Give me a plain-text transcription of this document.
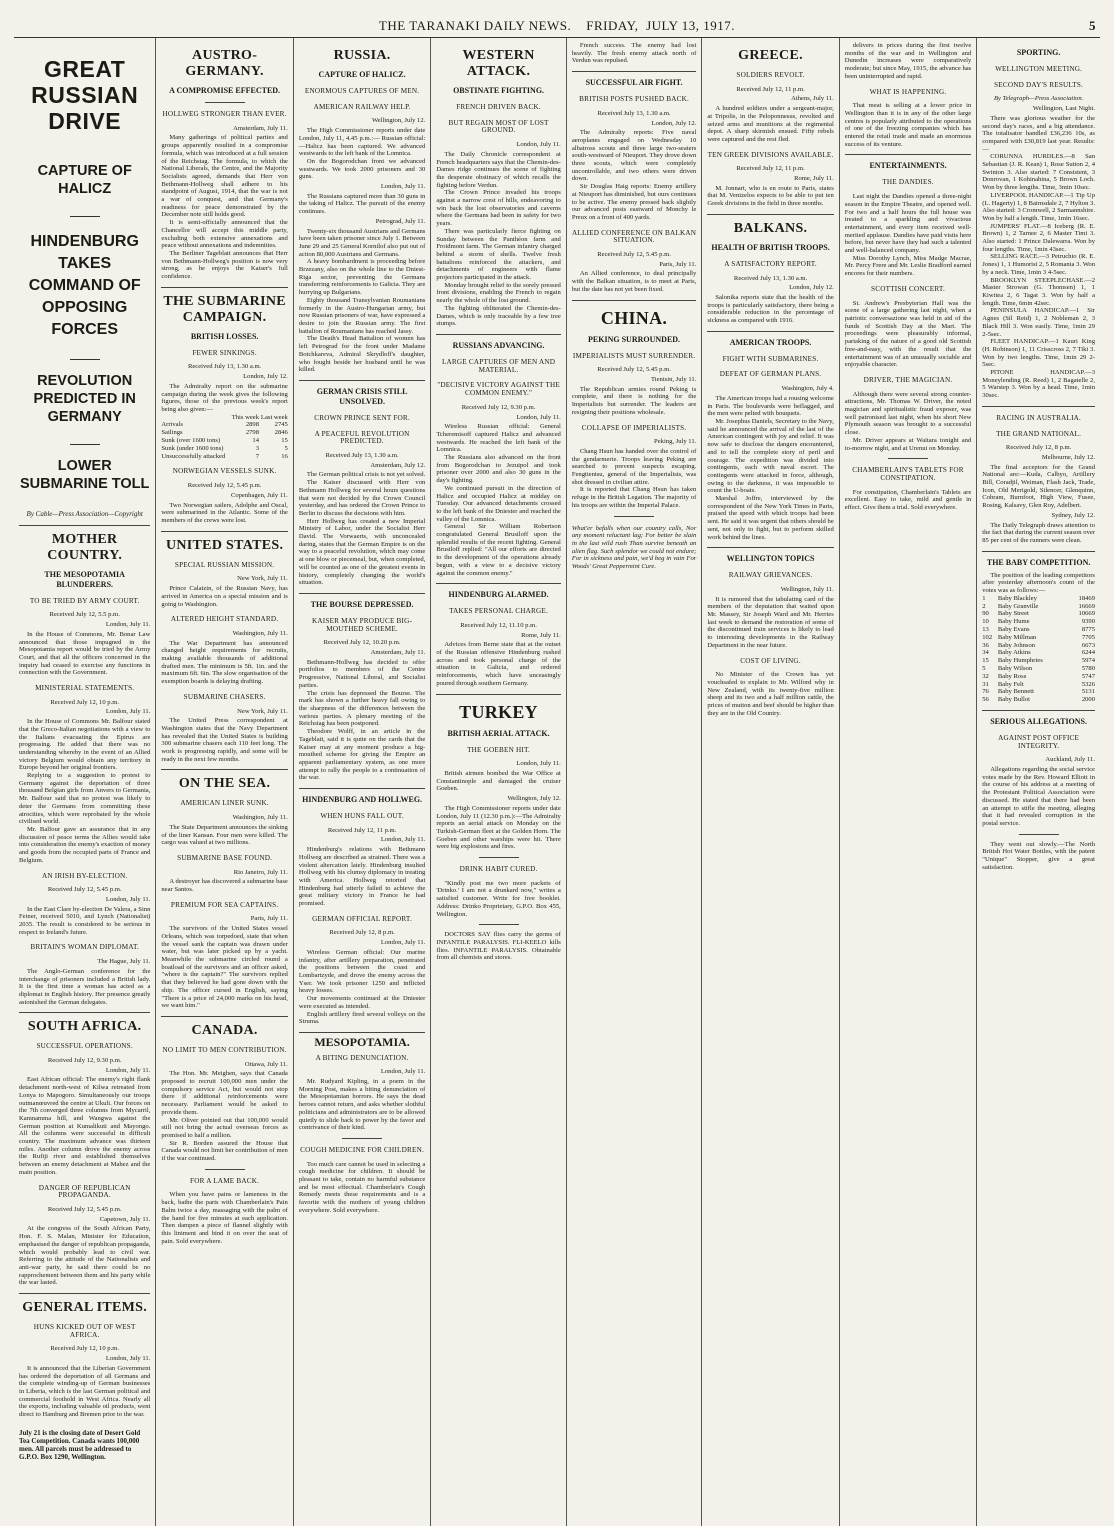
THE TARANAKI DAILY NEWS.
FRIDAY,
JULY 13, 1917.	5
GREAT RUSSIAN DRIVE
CAPTURE OF HALICZ
HINDENBURG TAKES COMMAND OF OPPOSING FORCES
REVOLUTION PREDICTED IN GERMANY
LOWER SUBMARINE TOLL
By Cable—Press Association—Copyright
MOTHER COUNTRY.
THE MESOPOTAMIA BLUNDERERS.
TO BE TRIED BY ARMY COURT.
Received July 12, 5.5 p.m.
London, July 11.

In the House of Commons, Mr. Bonar Law announced that those impugned in the Mesopotamia report would be tried by the Army Court, and that all the officers concerned in the inquiry had ceased to exercise any functions in connection with the Government.

MINISTERIAL STATEMENTS.
Received July 12, 10 p.m.
London, July 11.

In the House of Commons Mr. Balfour stated that the Greco-Italian negotiations with a view to the Italians evacuating the Epirus are progressing. He added that there was no understanding whereby in the event of an Allied victory Belgium would obtain any territory in Europe beyond her original frontiers.

Replying to a suggestion to protest to Germany against the deportation of three thousand Belgian girls from Anvers to Germania, Mr. Balfour said that no protest was likely to deter the Germans from committing these atrocities, which were reprobated by the whole civilised world.

Mr. Balfour gave an assurance that in any discussion of peace terms the Allies would take into consideration the enemy's exaction of money and goods from the occupied parts of France and Belgium.

AN IRISH BY-ELECTION.
Received July 12, 5.45 p.m.
London, July 11.

In the East Clare by-election De Valera, a Sinn Feiner, received 5010, and Lynch (Nationalist) 2035. The result is considered to be serious in respect to Ireland's future.

BRITAIN'S WOMAN DIPLOMAT.
The Hague, July 11.

The Anglo-German conference for the interchange of prisoners included a British lady. It is the first time a woman has acted as a diplomat in English history. Her presence greatly astonished the German delegates.

SOUTH AFRICA.
SUCCESSFUL OPERATIONS.
Received July 12, 9.30 p.m.
London, July 11.

East African official: The enemy's right flank detachment north-west of Kilwa retreated from Lonya to Mapogoro. Simultaneously our troops outmanœuvred the centre at Ukuli. Our forces on the 7th converged three columns from Mycarril, Kamnamma hill, and Wangwa against the German position at Kumalikuti and Mayongo. All the columns were successful in difficult country. The maximum advance was thirteen miles. Another column drove the enemy across the Rufiji river and established themselves between an enemy detachment at Mahez and the main position.

DANGER OF REPUBLICAN PROPAGANDA.
Received July 12, 5.45 p.m.
Capetown, July 11.

At the congress of the South African Party, Hon. F. S. Malan, Minister for Education, emphasised the danger of republican propaganda, which would probably lead to civil war. Referring to the attitude of the Nationalists and anti-war party, he said there could be no rapprochement between them and his party while the war lasted.

GENERAL ITEMS.
HUNS KICKED OUT OF WEST AFRICA.
Received July 12, 10 p.m.
London, July 11.

It is announced that the Liberian Government has ordered the deportation of all Germans and the complete winding-up of German businesses in Liberia, which is the last German political and commercial foothold in West Africa. Nearly all the exports, including valuable oil products, went direct to Hamburg and Bremen prior to the war.

July 21 is the closing date of Desert Gold Tea Competition. Canada wants 100,000 men. All parcels must be addressed to G.P.O. Box 1290, Wellington.
AUSTRO-GERMANY.
A COMPROMISE EFFECTED.
HOLLWEG STRONGER THAN EVER.
Amsterdam, July 11.

Many gatherings of political parties and groups apparently resulted in a compromise formula, which was introduced at a full session of the Reichstag. The formula, to which the National Liberals, the Centre, and the Majority Socialists agreed, demands that Herr von Bethmann-Hollweg shall adhere to his standpoint of August, 1914, that the war is not a war of conquest, and that Germany's readiness for peace demonstrated by the December note still holds good.

It is semi-officially announced that the Chancellor will accept this middle party, excluding both extensive annexations and peace without annexations and indemnities.

The Berliner Tageblatt announces that Herr von Bethmann-Hollweg's position is now very strong, as he enjoys the Kaiser's full confidence.

THE SUBMARINE CAMPAIGN.
BRITISH LOSSES.
FEWER SINKINGS.
Received July 13, 1.30 a.m.
London, July 12.

The Admiralty report on the submarine campaign during the week gives the following figures, those of the previous week's report being also given:—

	This week	Last week
Arrivals	2898	2745
Sailings	2798	2846
Sunk (over 1600 tons)	14	15
Sunk (under 1600 tons)	3	5
Unsuccessfully attacked	7	16
NORWEGIAN VESSELS SUNK.
Received July 12, 5.45 p.m.
Copenhagen, July 11.

Two Norwegian sailers, Adolphe and Oscal, were submarined in the Atlantic. Some of the members of the crews were lost.

UNITED STATES.
SPECIAL RUSSIAN MISSION.
New York, July 11.

Prince Calatzin, of the Russian Navy, has arrived in America on a special mission and is going to Washington.

ALTERED HEIGHT STANDARD.
Washington, July 11.

The War Department has announced changed height requirements for recruits, making available thousands of additional drafted men. The minimum is 5ft. 1in. and the maximum 6ft. 6in. The slow organisation of the exemption boards is delaying drafting.

SUBMARINE CHASERS.
New York, July 11.

The United Press correspondent at Washington states that the Navy Department has revealed that the United States is building 300 submarine chasers each 110 feet long. The work is progressing rapidly, and some will be ready in the next few months.

ON THE SEA.
AMERICAN LINER SUNK.
Washington, July 11.

The State Department announces the sinking of the liner Kansan. Four men were killed. The cargo was valued at two millions.

SUBMARINE BASE FOUND.
Rio Janeiro, July 11.

A destroyer has discovered a submarine base near Santos.

PREMIUM FOR SEA CAPTAINS.
Paris, July 11.

The survivors of the United States vessel Orleans, which was torpedoed, state that when the vessel sank the captain was drawn under water, but was later picked up by a yacht. Meanwhile the submarine circled round a boatload of the survivors and an officer asked, "where is the captain?" The survivors replied that they believed he had gone down with the ship. The officer cursed in English, saying "There is a price of 24,000 marks on his head, we want him."

CANADA.
NO LIMIT TO MEN CONTRIBUTION.
Ottawa, July 11.

The Hon. Mr. Meighen, says that Canada proposed to recruit 100,000 men under the compulsory service Act, but would not stop there if additional reinforcements were necessary. Parliament would be asked to provide them.

Mr. Oliver pointed out that 100,000 would still not bring the actual overseas forces as promised to half a million.

Sir R. Borden assured the House that Canada would not limit her contribution of men if the war continued.

FOR A LAME BACK.

When you have pains or lameness in the back, bathe the parts with Chamberlain's Pain Balm twice a day, massaging with the palm of the hand for five minutes at each application. Then dampen a piece of flannel slightly with this liniment and bind it on over the seat of pain. Sold everywhere.

RUSSIA.
CAPTURE OF HALICZ.
ENORMOUS CAPTURES OF MEN.
AMERICAN RAILWAY HELP.
Wellington, July 12.

The High Commissioner reports under date London, July 11, 4.45 p.m.:— Russian official:—Halicz has been captured. We advanced westwards to the left bank of the Lomnica.

On the Bogorodchan front we advanced westwards. We took 2000 prisoners and 30 guns.

London, July 11.

The Russians captured more than 30 guns in the taking of Halicz. The pursuit of the enemy continues.

Petrograd, July 11.

Twenty-six thousand Austrians and Germans have been taken prisoner since July 1. Between June 29 and 25 General Kornilof also put out of action 80,000 Austrians and Germans.

A heavy bombardment is proceeding before Brzezany, also on the whole line to the Dniest-Riga sector, preventing the Germans transferring reinforcements to Galicia. They are hurrying up Bulgarians.

Eighty thousand Transylvanian Roumanians formerly in the Austro-Hungarian army, but now Russian prisoners of war, have expressed a desire to join the Russian army. The first battalion of Roumanians has reached Jassy.

The Death's Head Battalion of women has left Petrograd for the front under Madame Botchkareva, Admiral Skrydloff's daughter, who fought beside her husband until he was killed.

GERMAN CRISIS STILL UNSOLVED.
CROWN PRINCE SENT FOR.
A PEACEFUL REVOLUTION PREDICTED.
Received July 13, 1.30 a.m.
Amsterdam, July 12.

The German political crisis is not yet solved.

The Kaiser discussed with Herr von Bethmann Hollweg for several hours questions that were not decided by the Crown Council yesterday, and has ordered the Crown Prince to Berlin to discuss the decisions with him.

Herr Hollweg has created a new Imperial Ministry of Labor, under the Socialist Herr David. The Vorwaerts, with unconcealed daring, states that the German Empire is on the way to a peaceful revolution, which may come at one blow or piecemeal, but, when completed, will be counted as one of the greatest events in history, completely changing the world's situation.

THE BOURSE DEPRESSED.
KAISER MAY PRODUCE BIG-MOUTHED SCHEME.
Received July 12, 10.20 p.m.
Amsterdam, July 11.

Bethmann-Hollweg has decided to offer portfolios to members of the Centre Progressive, National Liberal, and Socialist parties.

The crisis has depressed the Bourse. The mark has shown a further heavy fall owing to the sharpness of the differences between the various parties. A plenary meeting of the Reichstag has been postponed.

Theodore Wolff, in an article in the Tageblatt, said it is quite on the cards that the Kaiser may at any moment produce a big-mouthed scheme for giving the Empire an apparent parliamentary system, as one more attempt to rally the people to a continuation of the war.

HINDENBURG AND HOLLWEG.
WHEN HUNS FALL OUT.
Received July 12, 11 p.m.
London, July 11.

Hindenburg's relations with Bethmann Hollweg are described as strained. There was a violent altercation lately. Hindenburg insulted Hollweg with his clumsy diplomacy in treating with America. Hollweg retorted that Hindenburg had utterly failed to achieve the great military victory in France he had promised.

GERMAN OFFICIAL REPORT.
Received July 12, 8 p.m.
London, July 11.

Wireless German official: Our marine infantry, after artillery preparation, penetrated the positions between the coast and Lombartzyde, and drove the enemy across the Yser. We took prisoner 1250 and inflicted heavy losses.

Our movements continued at the Dniester were executed as intended.

English artillery fired several volleys on the Struma.

MESOPOTAMIA.
A BITING DENUNCIATION.
London, July 11.

Mr. Rudyard Kipling, in a poem in the Morning Post, makes a biting denunciation of the Mesopotamian horrors. He says the dead heroes cannot return, and asks whether slothful politicians and administrators are to be allowed quietly to slide back to power by the favor and contrivance of their kind.

COUGH MEDICINE FOR CHILDREN.

Too much care cannot be used in selecting a cough medicine for children. It should be pleasant to take, contain no harmful substance and be most effectual. Chamberlain's Cough Remedy meets these requirements and is a favorite with the mothers of young children everywhere. Sold everywhere.

WESTERN ATTACK.
OBSTINATE FIGHTING.
FRENCH DRIVEN BACK.
BUT REGAIN MOST OF LOST GROUND.
London, July 11.

The Daily Chronicle correspondent at French headquarters says that the Chemin-des-Dames ridge continues the scene of fighting the desperate obstinacy of which recalls the fighting before Verdun.

The Crown Prince invaded his troops against a narrow crest of hills, endeavoring to win back the lost observatories and caverns where the Germans had been in safety for two years.

There was particularly fierce fighting on Sunday between the Panthéon farm and Froidmont farm. The German infantry charged behind a storm of shells. Twelve fresh battalions reinforced the attackers, and detachments of engineers with flame projectors participated in the attack.

Monday brought relief to the sorely pressed front divisions, enabling the French to regain nearly the whole of the lost ground.

The fighting obliterated the Chemin-des-Dames, which is only traceable by a few tree stumps.

RUSSIANS ADVANCING.
LARGE CAPTURES OF MEN AND MATERIAL.
"DECISIVE VICTORY AGAINST THE COMMON ENEMY."
Received July 12, 9.30 p.m.
London, July 11.

Wireless Russian official: General Tcheremisoff captured Halicz and advanced westwards. He reached the left bank of the Lomnica.

The Russians also advanced on the front from Bogorodchan to Jezuipol and took prisoner over 2000 and also 30 guns in the day's fighting.

We continued pursuit in the direction of Halicz and occupied Halicz at midday on Tuesday. Our advanced detachments crossed to the left bank of the Dniester and reached the valley of the Lomnica.

General Sir William Robertson congratulated General Brusiloff upon the splendid results of the recent fighting. General Brusiloff replied: "All our efforts are directed to the development of the operations already begun, with a view to a decisive victory against the common enemy."

HINDENBURG ALARMED.
TAKES PERSONAL CHARGE.
Received July 12, 11.10 p.m.
Rome, July 11.

Advices from Berne state that at the outset of the Russian offensive Hindenburg rushed across and took personal charge of the situation in Galicia, and ordered reinforcements, which have unceasingly poured through southern Germany.

TURKEY
BRITISH AERIAL ATTACK.
THE GOEBEN HIT.
London, July 11.

British airmen bombed the War Office at Constantinople and damaged the cruiser Goeben.

Wellington, July 12.

The High Commissioner reports under date London, July 11 (12.30 p.m.):—The Admiralty reports an aerial attack on Monday on the Turkish-German fleet at the Golden Horn. The Goeben and other warships were hit. There were big explosions and fires.

DRINK HABIT CURED.

"Kindly post me two more packets of 'Drinko.' I am not a drunkard now," writes a satisfied customer. Write for free booklet. Address: Drinko Proprietary, G.P.O. Box 455, Wellington.

DOCTORS SAY flies carry the germs of INFANTILE PARALYSIS. FLI-KEELO kills flies. INFANTILE PARALYSIS. Obtainable from all chemists and stores.

French success. The enemy had lost heavily. The fresh enemy attack north of Verdun was repulsed.

SUCCESSFUL AIR FIGHT.
BRITISH POSTS PUSHED BACK.
Received July 13, 1.30 a.m.
London, July 12.

The Admiralty reports: Five naval aeroplanes engaged on Wednesday 10 albatross scouts and three large two-seaters south-westward of Nieuport. They drove down three scouts, which were completely uncontrollable, and two others were driven down.

Sir Douglas Haig reports: Enemy artillery at Nieuport has diminished, but ours continues to be active. The enemy pressed back slightly our advanced posts eastward of Monchy le Preux on a front of 400 yards.

ALLIED CONFERENCE ON BALKAN SITUATION.
Received July 12, 5.45 p.m.
Paris, July 11.

An Allied conference, to deal principally with the Balkan situation, is to meet at Paris, but the date has not yet been fixed.

CHINA.
PEKING SURROUNDED.
IMPERIALISTS MUST SURRENDER.
Received July 12, 5.45 p.m.
Tientsin, July 11.

The Republican armies round Peking is complete, and there is nothing for the Imperialists but surrender. The leaders are resigning their positions wholesale.

COLLAPSE OF IMPERIALISTS.
Peking, July 11.

Chang Hsun has handed over the control of the gendarmerie. Troops leaving Peking are searched to prevent suspects escaping. Fengtientsu, general of the Imperialists, was shot dressed in civilian attire.

It is reported that Chang Hsun has taken refuge in the British Legation. The majority of his troops are within the Imperial Palace.

What'er befalls when our country calls, Nor any moment reluctant lag; For better be slain in the last wild rush Than survive beneath an alien flag. Such splendor we could not endure; For in sickness and pain, we'd beg in vain For Woods' Great Peppermint Cure.

GREECE.
SOLDIERS REVOLT.
Received July 12, 11 p.m.
Athens, July 11.

A hundred soldiers under a sergeant-major, at Tripolis, in the Peloponnesus, revolted and seized arms and munitions at the regimental depot. A sharp skirmish ensued. Fifty rebels were captured and the rest fled.

TEN GREEK DIVISIONS AVAILABLE.
Received July 12, 11 p.m.
Rome, July 11.

M. Jonnart, who is en route to Paris, states that M. Venizelos expects to be able to put ten Greek divisions in the field in three months.

BALKANS.
HEALTH OF BRITISH TROOPS.
A SATISFACTORY REPORT.
Received July 13, 1.30 a.m.
London, July 12.

Salonika reports state that the health of the troops is particularly satisfactory, there being a considerable reduction in the percentage of sickness as compared with 1916.

AMERICAN TROOPS.
FIGHT WITH SUBMARINES.
DEFEAT OF GERMAN PLANS.
Washington, July 4.

The American troops had a rousing welcome in Paris. The boulevards were beflagged, and the men were pelted with bouquets.

Mr. Josephus Daniels, Secretary to the Navy, said he announced the arrival of the last of the American contingent with joy and relief. It was now safe to disclose the dangers encountered, and to tell the complete story of peril and courage. The expedition was divided into contingents, each with naval escort. The contingents were attacked in force, although, owing to the darkness, it was impossible to count the U-boats.

Marshal Joffre, interviewed by the correspondent of the New York Times in Paris, praised the speed with which troops had been sent. He said it was urgent that others should be sent, not only to fight, but to perform skilled work behind the lines.

WELLINGTON TOPICS
RAILWAY GRIEVANCES.
Wellington, July 11.

It is rumored that the tabulating card of the members of the deputation that waited upon Mr. Massey, Sir Joseph Ward and Mr. Herries last week to demand the restoration of some of the discontinued train services is likely to lead to interesting developments in the Railway Department in the near future.

COST OF LIVING.

No Minister of the Crown has yet vouchsafed to explain to Mr. Wilford why in New Zealand, with its twenty-five million sheep and its two and a half million cattle, the prices of mutton and beef should be higher than they are in the Old Country.

delivers in prices during the first twelve months of the war and in Wellington and Dunedin increases were comparatively moderate; but since May, 1915, the advance has been uninterrupted and rapid.

WHAT IS HAPPENING.

That meat is selling at a lower price in Wellington than it is in any of the other large centres is popularly attributed to the operations of one of the freezing companies which has entered the retail trade and made an enormous success of its venture.

ENTERTAINMENTS.
THE DANDIES.

Last night the Dandies opened a three-night season in the Empire Theatre, and opened well. For two and a half hours the full house was treated to a sparkling and vivacious entertainment, and every item received well-merited applause. Dandies have paid visits here before, but never have they had such a talented and well-balanced company.

Miss Dorothy Lynch, Miss Madge Macrae, Mr. Percy Frere and Mr. Leslie Bradford earned encores for their numbers.

SCOTTISH CONCERT.

St. Andrew's Presbyterian Hall was the scene of a large gathering last night, when a patriotic conversazione was held in aid of the funds of Scottish Day at the Mart. The proceedings were pleasurably informal, partaking of the nature of a good old Scottish free-and-easy, with the result that the entertainment was of an unusually sociable and enjoyable character.

DRIVER, THE MAGICIAN.

Although there were several strong counter-attractions, Mr. Thomas W. Driver, the noted magician and spiritualistic fraud exposer, was well patronised last night, when his short New Plymouth season was brought to a successful close.

Mr. Driver appears at Waitara tonight and to-morrow night, and at Urenui on Monday.

CHAMBERLAIN'S TABLETS FOR CONSTIPATION.

For constipation, Chamberlain's Tablets are excellent. Easy to take, mild and gentle in effect. Give them a trial. Sold everywhere.

SPORTING.
WELLINGTON MEETING.
SECOND DAY'S RESULTS.
By Telegraph—Press Association.
Wellington, Last Night.

There was glorious weather for the second day's races, and a big attendance. The totalisator handled £36,236 10s, as compared with £30,819 last year. Results:—

CORUNNA HURDLES.—8 San Sebastian (J. R. Kean) 1, Rose Sutton 2, 4 Swinton 3. Also started: 7 Consistent, 3 Donrovan, 1 Kohinahina, 5 Brown Loch. Won by three lengths. Time, 3min 10sec.

LIVERPOOL HANDICAP.—1 Tip Up (L. Hagerty) 1, 8 Bairnsdale 2, 7 Hylton 3. Also started: 3 Cromwell, 2 Sarmannshire. Won by half a length. Time, 1min 16sec.

JUMPERS' FLAT.—8 Iceberg (R. E. Brown) 1, 2 Tarnee 2, 6 Master Timi 3. Also started: 1 Prince Dalewarra. Won by four lengths. Time, 1min 43sec.

SELLING RACE.—3 Petruchio (R. E. Jones) 1, 1 Humorist 2, 5 Romania 3. Won by a neck. Time, 1min 3 4-5sec.

BROOKLYN STEEPLECHASE.—2 Master Strowan (G. Thomsen) 1, 1 Kiwitea 2, 6 Tagat 3. Won by half a length. Time, 6min 42sec.

PENINSULA HANDICAP.—1 Sir Agnes (Sil Reid) 1, 2 Nobleman 2, 3 Black Hill 3. Won easily. Time, 1min 29 2-5sec.

FLEET HANDICAP.—1 Kauri King (H. Robinson) 1, 11 Crisscross 2, 7 Tiki 3. Won by two lengths. Time, 1min 29 2-5sec.

PITONE HANDICAP.—3 Moneylending (R. Reed) 1, 2 Bagatelle 2, 5 Warstep 3. Won by a head. Time, 1min 30sec.

RACING IN AUSTRALIA.
THE GRAND NATIONAL.
Received July 12, 8 p.m.
Melbourne, July 12.

The final acceptors for the Grand National are:—Kuda, Calbyo, Artillery Bill, Coradjil, Weiman, Flash Jack, Trade, Icon, Old Merigold, Silencer, Glenquinn, Cobram, Burnfoot, High View, Fusee, Rosing, Kalsavy, Glen Roy, Adelbert.

Sydney, July 12.

The Daily Telegraph draws attention to the fact that during the current season over 85 per cent of the runners were clean.

THE BABY COMPETITION.

The position of the leading competitors after yesterday afternoon's count of the votes was as follows:—

1	Baby Blackley	18469
2	Baby Granville	16669
90	Baby Street	10669
10	Baby Hume	9390
13	Baby Evans	8775
102	Baby Millman	7705
36	Baby Johnson	6673
34	Baby Atkins	6244
15	Baby Humphries	5974
5	Baby Wilson	5780
32	Baby Ross	5747
31	Baby Felt	5326
76	Baby Bennett	5131
56	Baby Bullot	2000
SERIOUS ALLEGATIONS.
AGAINST POST OFFICE INTEGRITY.
Auckland, July 11.

Allegations regarding the social service votes made by the Rev. Howard Elliott in the course of his address at a meeting of the Protestant Political Association were discussed. He stated that there had been an attempt to stifle the meeting, alleging that it had revealed corruption in the postal service.

They went out slowly.—The North British Hot Water Bottles, with the patent "Unique" Stopper, give a great satisfaction.
